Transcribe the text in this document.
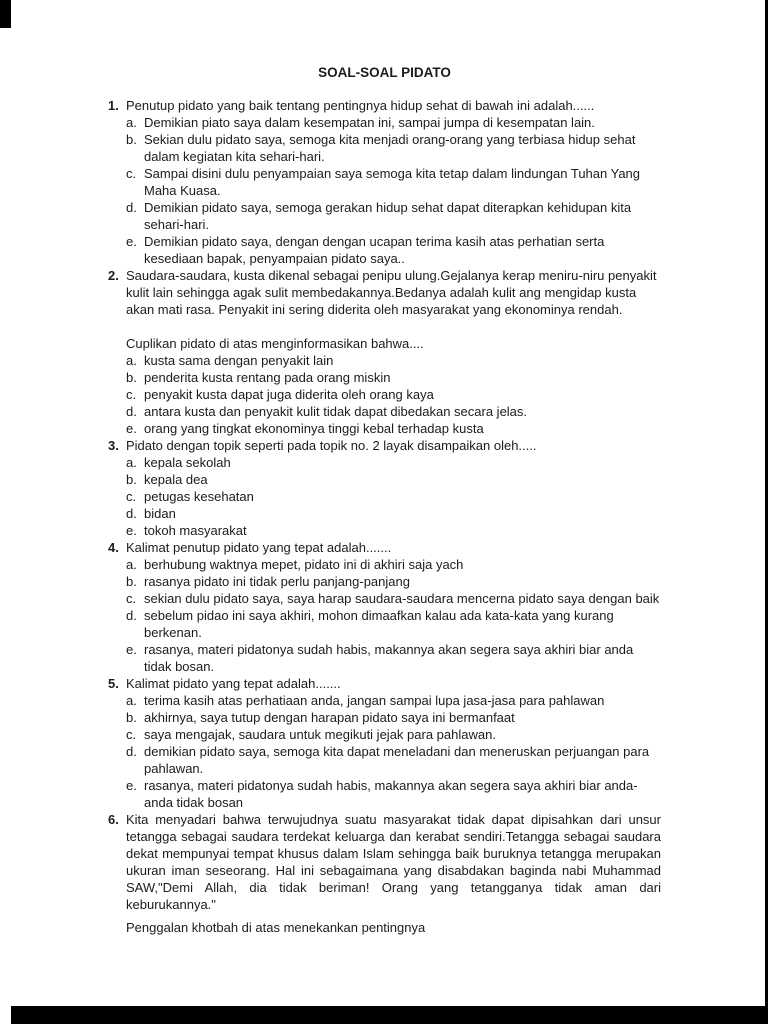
SOAL-SOAL PIDATO
1. Penutup pidato yang baik tentang pentingnya hidup sehat di bawah ini adalah......
a. Demikian piato saya dalam kesempatan ini, sampai jumpa di kesempatan lain.
b. Sekian dulu pidato saya, semoga kita menjadi orang-orang yang terbiasa hidup sehat dalam kegiatan kita sehari-hari.
c. Sampai disini dulu penyampaian saya semoga kita tetap dalam lindungan Tuhan Yang Maha Kuasa.
d. Demikian pidato saya, semoga gerakan hidup sehat dapat diterapkan kehidupan kita sehari-hari.
e. Demikian pidato saya, dengan dengan ucapan terima kasih atas perhatian serta kesediaan bapak, penyampaian pidato saya..
2. Saudara-saudara, kusta dikenal sebagai penipu ulung.Gejalanya kerap meniru-niru penyakit kulit lain sehingga agak sulit membedakannya.Bedanya adalah kulit ang mengidap kusta akan mati rasa. Penyakit ini sering diderita oleh masyarakat yang ekonominya rendah.
Cuplikan pidato di atas menginformasikan bahwa....
a. kusta sama dengan penyakit lain
b. penderita kusta rentang pada orang miskin
c. penyakit kusta dapat juga diderita oleh orang kaya
d. antara kusta dan penyakit kulit tidak dapat dibedakan secara jelas.
e. orang yang tingkat ekonominya tinggi kebal terhadap kusta
3. Pidato dengan topik seperti pada topik no. 2 layak disampaikan oleh.....
a. kepala sekolah
b. kepala dea
c. petugas kesehatan
d. bidan
e. tokoh masyarakat
4. Kalimat penutup pidato yang tepat adalah.......
a. berhubung waktnya mepet, pidato ini di akhiri saja yach
b. rasanya pidato ini tidak perlu panjang-panjang
c. sekian dulu pidato saya, saya harap saudara-saudara mencerna pidato saya dengan baik
d. sebelum pidao ini saya akhiri, mohon dimaafkan kalau ada kata-kata yang kurang berkenan.
e. rasanya, materi pidatonya sudah habis, makannya akan segera saya akhiri biar anda tidak bosan.
5. Kalimat pidato yang tepat adalah.......
a. terima kasih atas perhatiaan anda, jangan sampai lupa jasa-jasa para pahlawan
b. akhirnya, saya tutup dengan harapan pidato saya ini bermanfaat
c. saya mengajak, saudara untuk megikuti jejak para pahlawan.
d. demikian pidato saya, semoga kita dapat meneladani dan meneruskan perjuangan para pahlawan.
e. rasanya, materi pidatonya sudah habis, makannya akan segera saya akhiri biar anda-anda tidak bosan
6. Kita menyadari bahwa terwujudnya suatu masyarakat tidak dapat dipisahkan dari unsur tetangga sebagai saudara terdekat keluarga dan kerabat sendiri.Tetangga sebagai saudara dekat mempunyai tempat khusus dalam Islam sehingga baik buruknya tetangga merupakan ukuran iman seseorang. Hal ini sebagaimana yang disabdakan baginda nabi Muhammad SAW,"Demi Allah, dia tidak beriman! Orang yang tetangganya tidak aman dari keburukannya."
Penggalan khotbah di atas menekankan pentingnya
